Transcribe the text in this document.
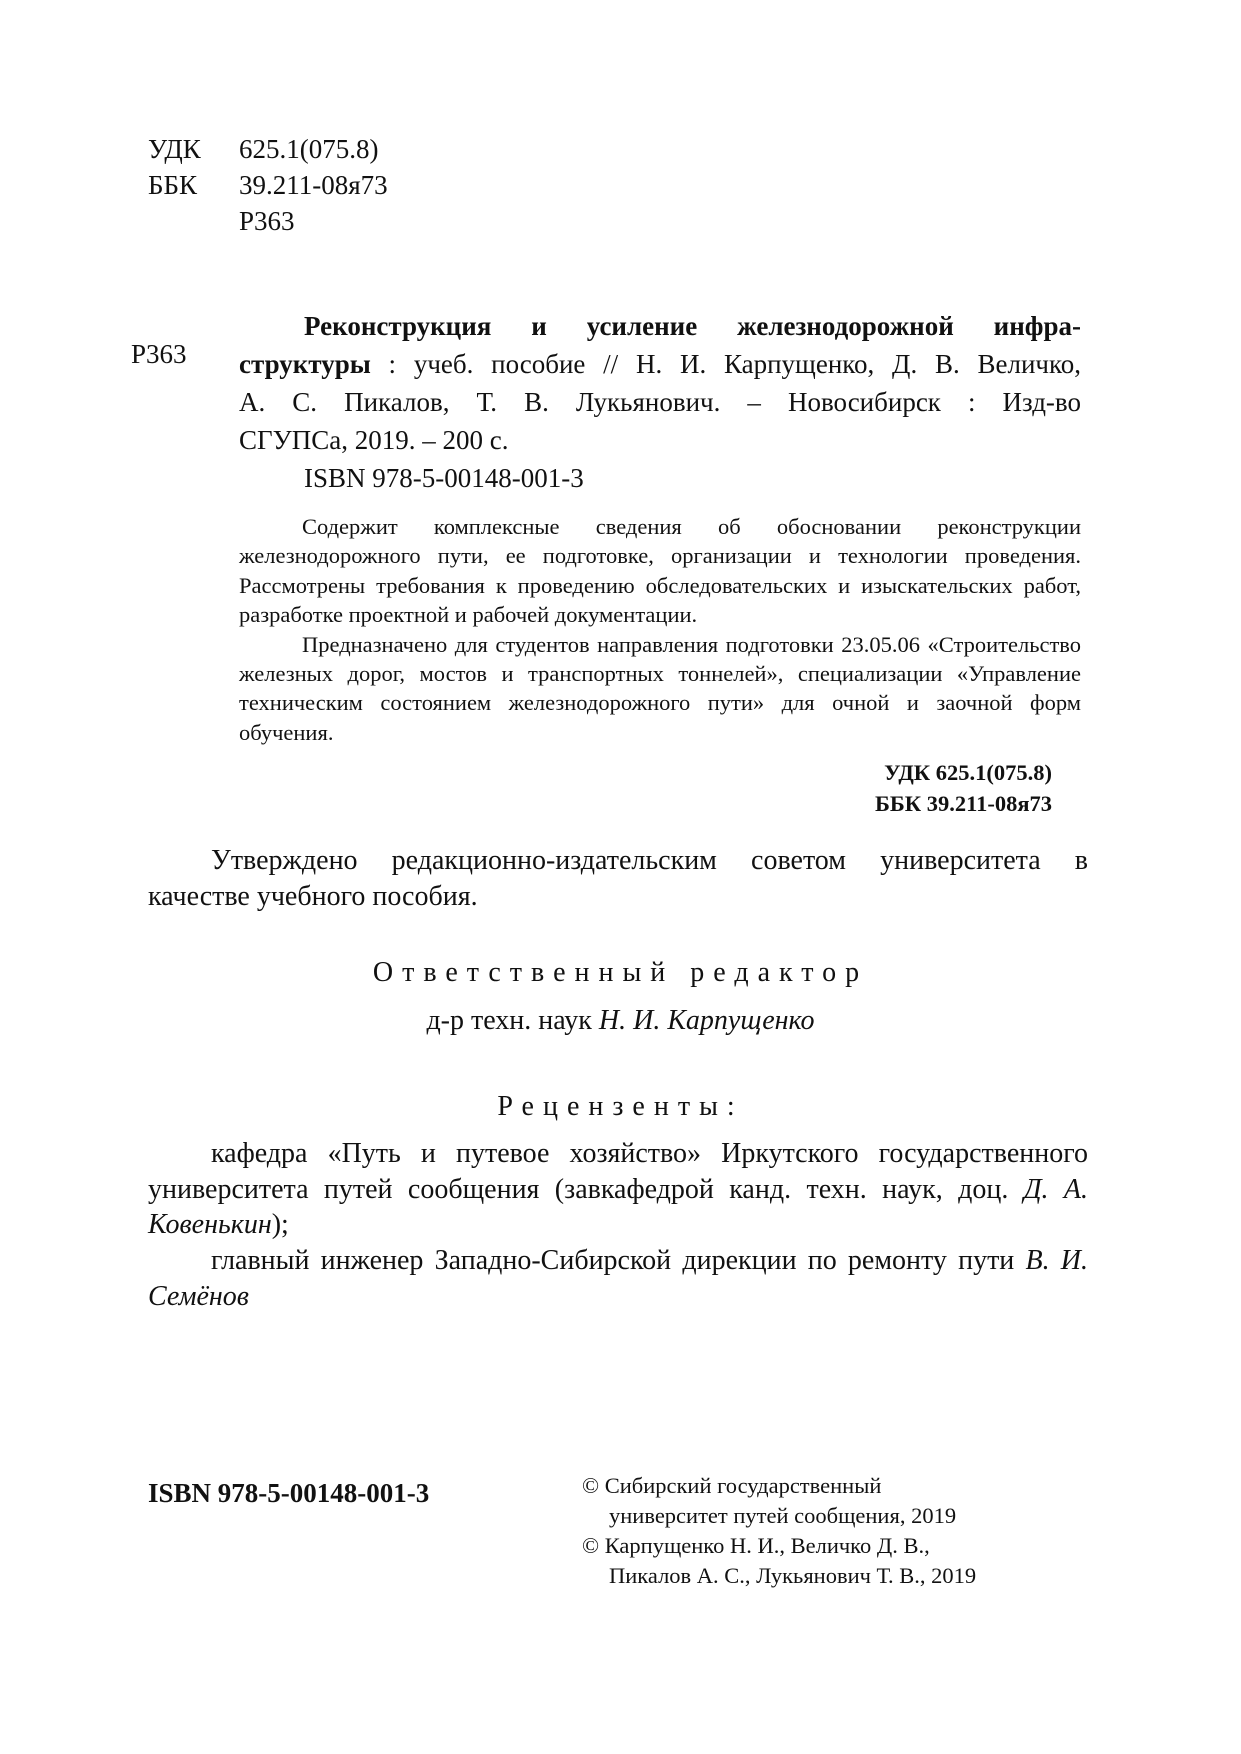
УДК 625.1(075.8)
ББК 39.211-08я73
Р363
Р363

Реконструкция и усиление железнодорожной инфра-

структуры : учеб. пособие // Н. И. Карпущенко, Д. В. Величко,

А. С. Пикалов, Т. В. Лукьянович. – Новосибирск : Изд-во

СГУПСа, 2019. – 200 с.
ISBN 978-5-00148-001-3

Содержит комплексные сведения об обосновании реконструкции железнодорожного пути, ее подготовке, организации и технологии проведения. Рассмотрены требования к проведению обследовательских и изыскательских работ, разработке проектной и рабочей документации.

Предназначено для студентов направления подготовки 23.05.06 «Строительство железных дорог, мостов и транспортных тоннелей», специализации «Управление техническим состоянием железнодорожного пути» для очной и заочной форм обучения.

УДК 625.1(075.8)
ББК 39.211-08я73

Утверждено редакционно-издательским советом университета в качестве учебного пособия.

Ответственный редактор

д-р техн. наук Н. И. Карпущенко

Рецензенты:

кафедра «Путь и путевое хозяйство» Иркутского государственного университета путей сообщения (завкафедрой канд. техн. наук, доц. Д. А. Ковенькин);

главный инженер Западно-Сибирской дирекции по ремонту пути В. И. Семёнов

ISBN 978-5-00148-001-3	© Сибирский государственный
университет путей сообщения, 2019
© Карпущенко Н. И., Величко Д. В.,
Пикалов А. С., Лукьянович Т. В., 2019
